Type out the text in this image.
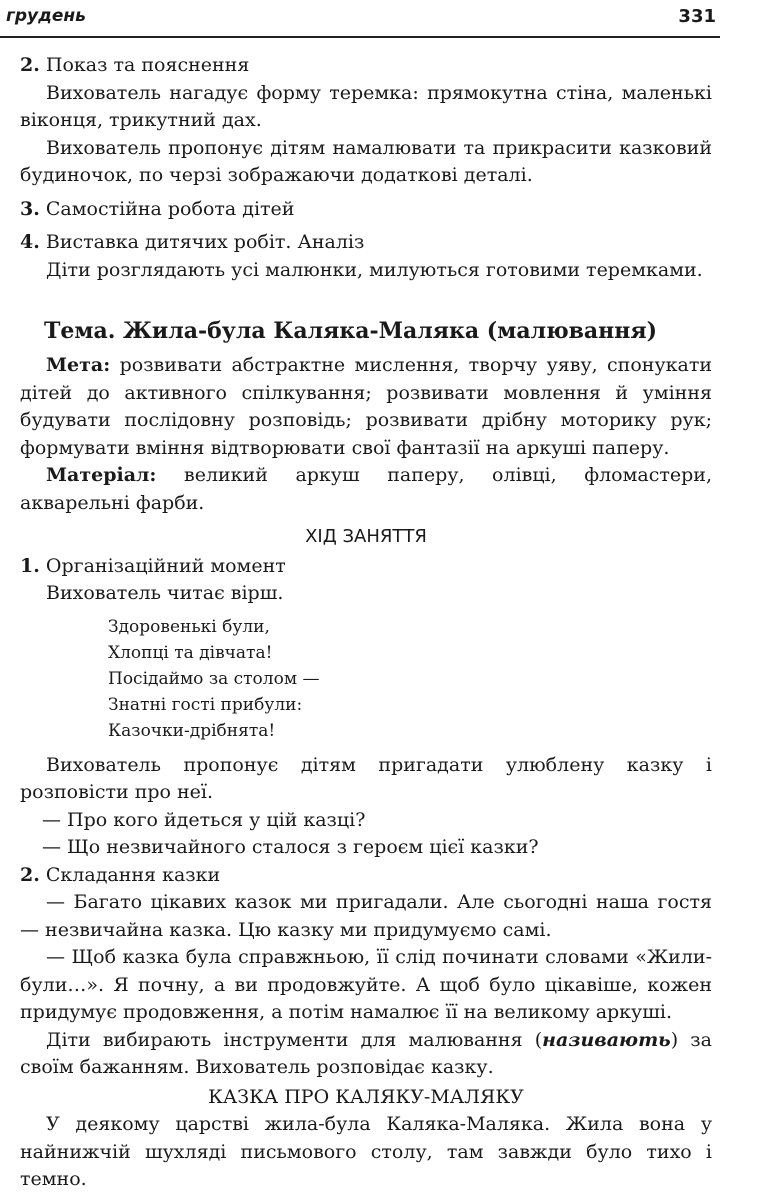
грудень	331

2. Показ та пояснення

Вихователь нагадує форму теремка: прямокутна стіна, маленькі віконця, трикутний дах.

Вихователь пропонує дітям намалювати та прикрасити казковий будиночок, по черзі зображаючи додаткові деталі.

3. Самостійна робота дітей

4. Виставка дитячих робіт. Аналіз

Діти розглядають усі малюнки, милуються готовими теремками.

Тема. Жила-була Каляка-Маляка (малювання)

Мета: розвивати абстрактне мислення, творчу уяву, спонукати дітей до активного спілкування; розвивати мовлення й уміння будувати послідовну розповідь; розвивати дрібну моторику рук; формувати вміння відтворювати свої фантазії на аркуші паперу.

Матеріал: великий аркуш паперу, олівці, фломастери, акварельні фарби.

ХІД ЗАНЯТТЯ

1. Організаційний момент

Вихователь читає вірш.

Здоровенькі були,
Хлопці та дівчата!
Посідаймо за столом —
Знатні гості прибули:
Казочки-дрібнята!

Вихователь пропонує дітям пригадати улюблену казку і розповісти про неї.

— Про кого йдеться у цій казці?

— Що незвичайного сталося з героєм цієї казки?

2. Складання казки

— Багато цікавих казок ми пригадали. Але сьогодні наша гостя — незвичайна казка. Цю казку ми придумуємо самі.

— Щоб казка була справжньою, її слід починати словами «Жили-були…». Я почну, а ви продовжуйте. А щоб було цікавіше, кожен придумує продовження, а потім намалює її на великому аркуші.

Діти вибирають інструменти для малювання (називають) за своїм бажанням. Вихователь розповідає казку.

КАЗКА ПРО КАЛЯКУ-МАЛЯКУ

У деякому царстві жила-була Каляка-Маляка. Жила вона у найнижчій шухляді письмового столу, там завжди було тихо і темно.
